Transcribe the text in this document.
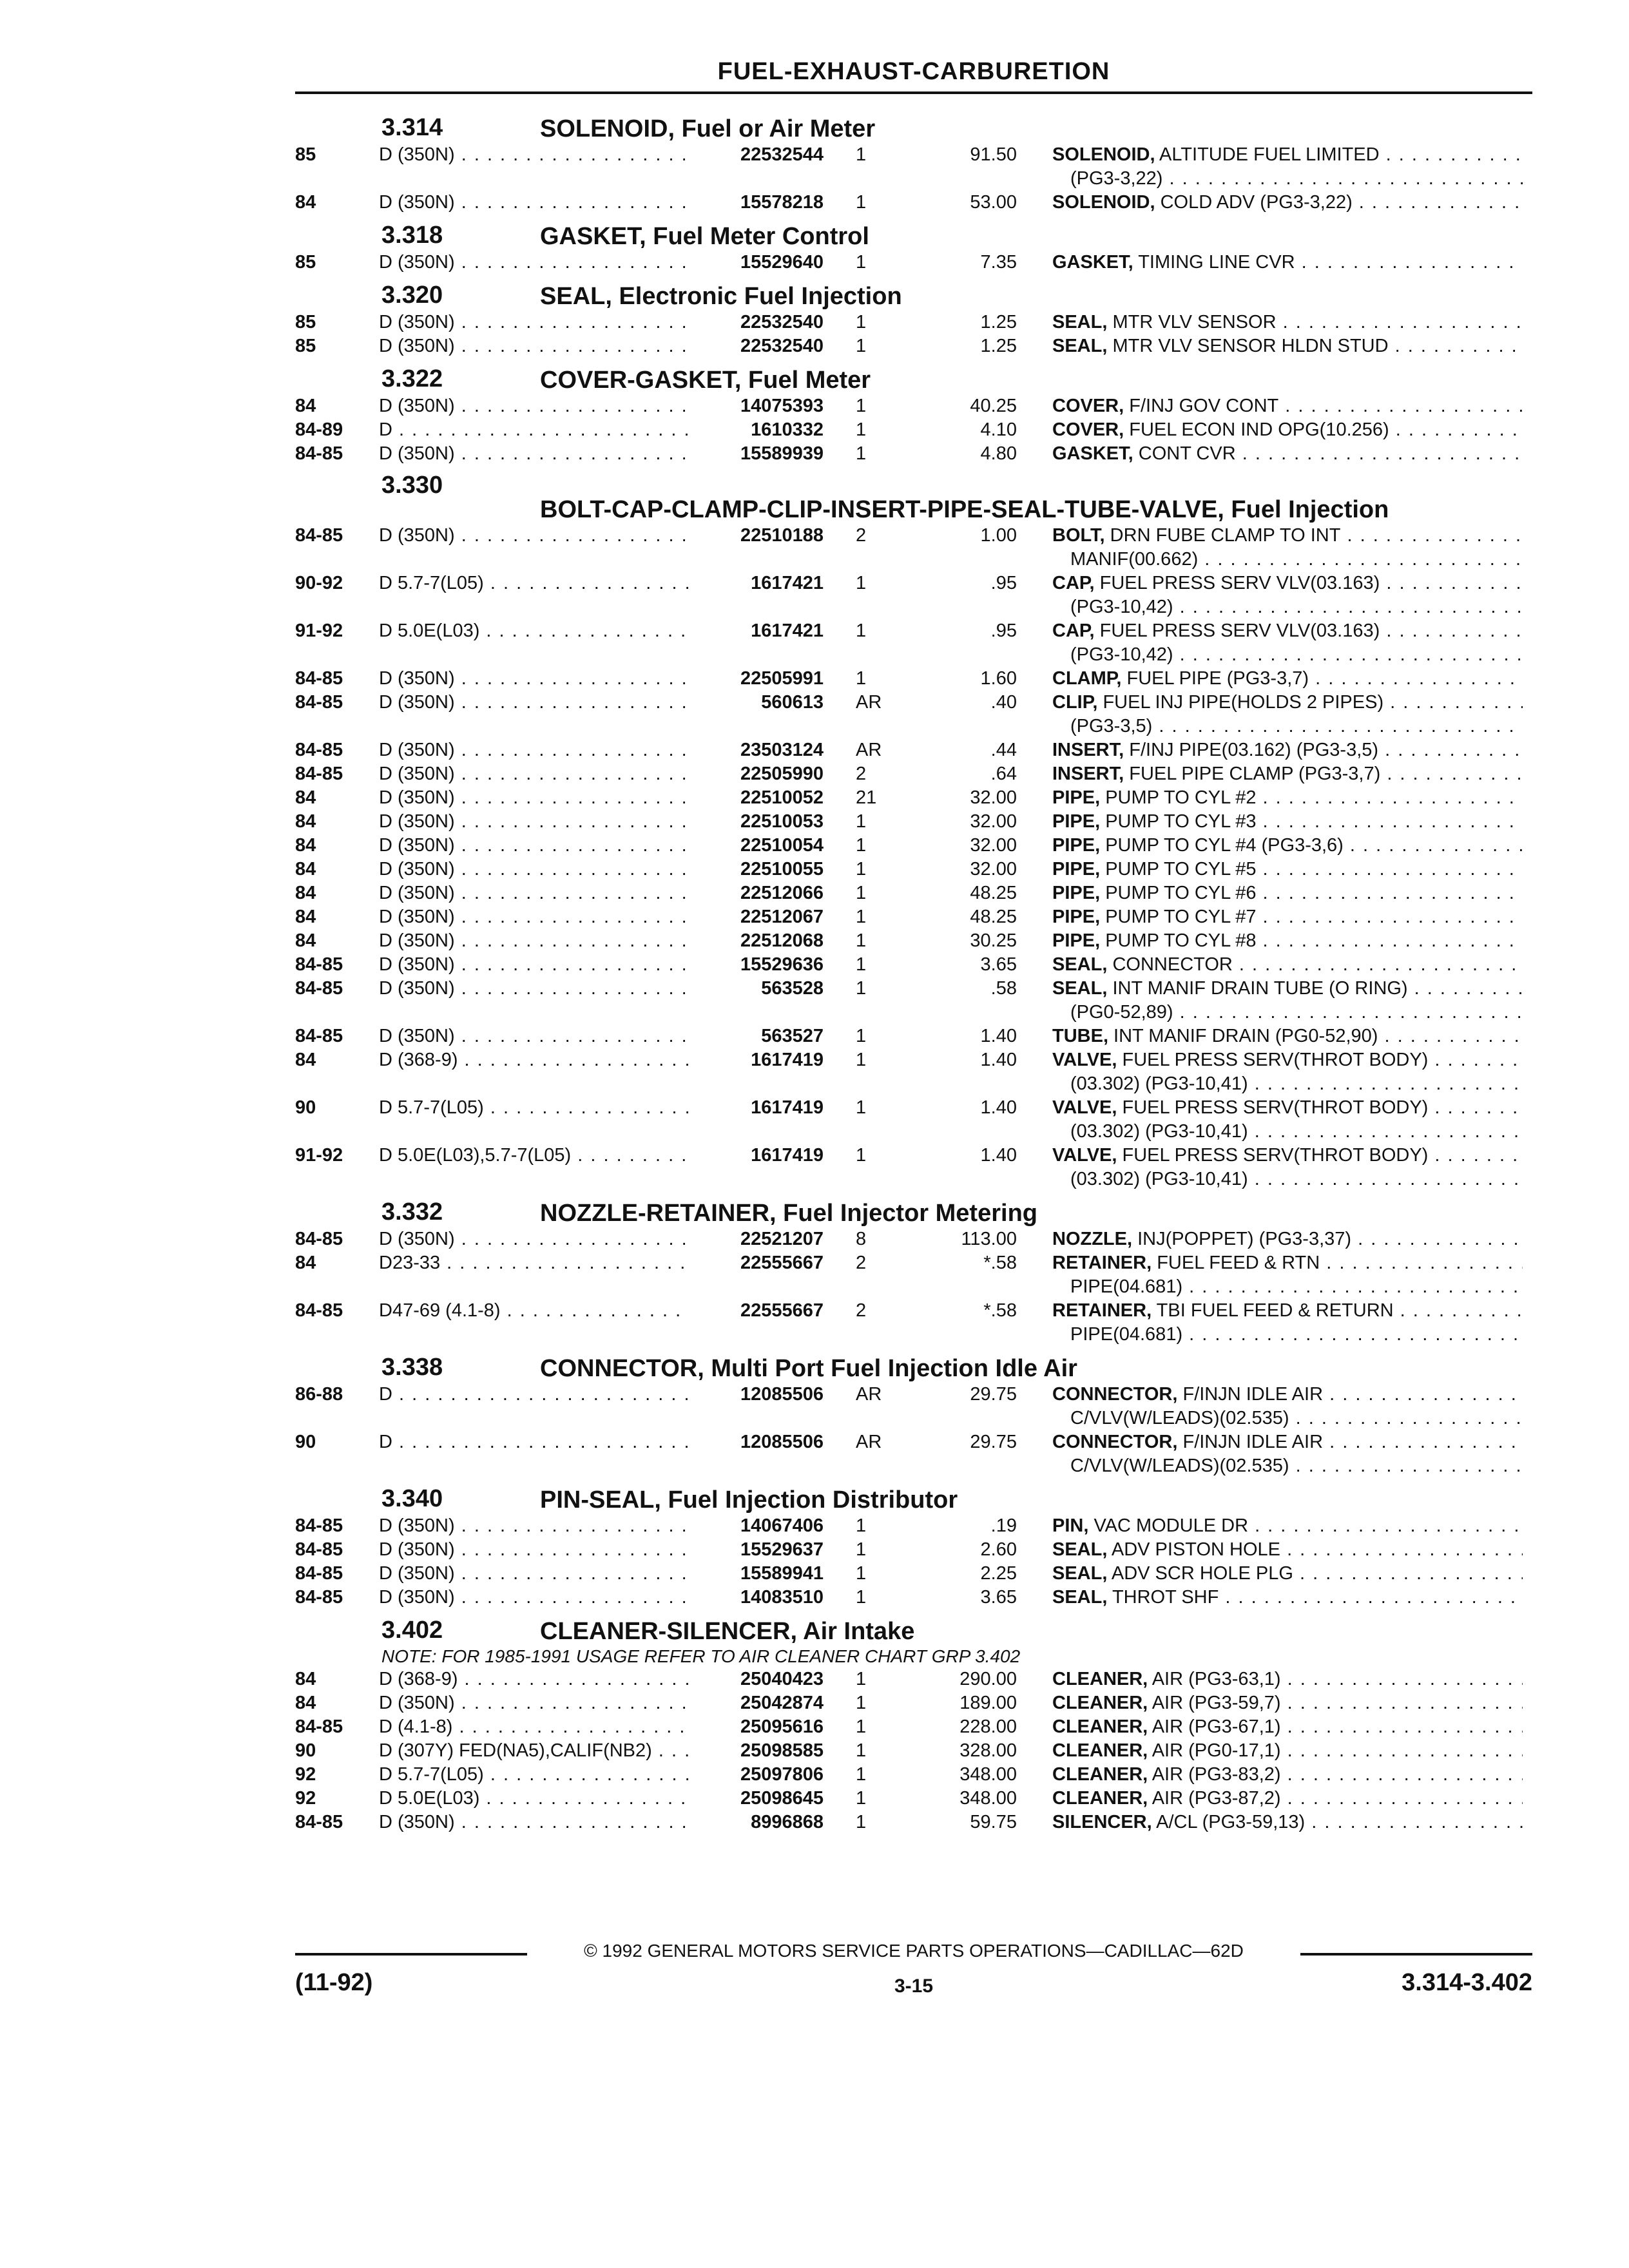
FUEL-EXHAUST-CARBURETION
3.314	SOLENOID, Fuel or Air Meter
85	D (350N) . . .	22532544 1	91.50 SOLENOID, ALTITUDE FUEL LIMITED . . .
(PG3-3,22) . . .
84	D (350N) . . .	15578218 1	53.00 SOLENOID, COLD ADV (PG3-3,22) . . .
3.318	GASKET, Fuel Meter Control
85	D (350N) . . .	15529640 1	7.35 GASKET, TIMING LINE CVR . . .
3.320	SEAL, Electronic Fuel Injection
85	D (350N) . . .	22532540 1	1.25 SEAL, MTR VLV SENSOR . . .
85	D (350N) . . .	22532540 1	1.25 SEAL, MTR VLV SENSOR HLDN STUD . . .
3.322	COVER-GASKET, Fuel Meter
84	D (350N) . . .	14075393 1	40.25 COVER, F/INJ GOV CONT . . .
84-89	D . . .	1610332 1	4.10 COVER, FUEL ECON IND OPG(10.256) . . .
84-85	D (350N) . . .	15589939 1	4.80 GASKET, CONT CVR . . .
3.330
BOLT-CAP-CLAMP-CLIP-INSERT-PIPE-SEAL-TUBE-VALVE, Fuel Injection
84-85	D (350N) . . .	22510188 2	1.00 BOLT, DRN FUBE CLAMP TO INT . . .
MANIF(00.662) . . .
90-92	D 5.7-7(L05) . . .	1617421 1	.95 CAP, FUEL PRESS SERV VLV(03.163) . . .
(PG3-10,42) . . .
91-92	D 5.0E(L03) . . .	1617421 1	.95 CAP, FUEL PRESS SERV VLV(03.163) . . .
(PG3-10,42) . . .
84-85	D (350N) . . .	22505991 1	1.60 CLAMP, FUEL PIPE (PG3-3,7) . . .
84-85	D (350N) . . .	560613 AR	.40 CLIP, FUEL INJ PIPE(HOLDS 2 PIPES) . . .
(PG3-3,5) . . .
84-85	D (350N) . . .	23503124 AR	.44 INSERT, F/INJ PIPE(03.162) (PG3-3,5) . . .
84-85	D (350N) . . .	22505990 2	.64 INSERT, FUEL PIPE CLAMP (PG3-3,7) . . .
84	D (350N) . . .	22510052 21	32.00 PIPE, PUMP TO CYL #2 . . .
84	D (350N) . . .	22510053 1	32.00 PIPE, PUMP TO CYL #3 . . .
84	D (350N) . . .	22510054 1	32.00 PIPE, PUMP TO CYL #4 (PG3-3,6) . . .
84	D (350N) . . .	22510055 1	32.00 PIPE, PUMP TO CYL #5 . . .
84	D (350N) . . .	22512066 1	48.25 PIPE, PUMP TO CYL #6 . . .
84	D (350N) . . .	22512067 1	48.25 PIPE, PUMP TO CYL #7 . . .
84	D (350N) . . .	22512068 1	30.25 PIPE, PUMP TO CYL #8 . . .
84-85	D (350N) . . .	15529636 1	3.65 SEAL, CONNECTOR . . .
84-85	D (350N) . . .	563528 1	.58 SEAL, INT MANIF DRAIN TUBE (O RING) . . .
(PG0-52,89) . . .
84-85	D (350N) . . .	563527 1	1.40 TUBE, INT MANIF DRAIN (PG0-52,90) . . .
84	D (368-9) . . .	1617419 1	1.40 VALVE, FUEL PRESS SERV(THROT BODY) . . .
(03.302) (PG3-10,41) . . .
90	D 5.7-7(L05) . . .	1617419 1	1.40 VALVE, FUEL PRESS SERV(THROT BODY) . . .
(03.302) (PG3-10,41) . . .
91-92	D 5.0E(L03),5.7-7(L05) . . .	1617419 1	1.40 VALVE, FUEL PRESS SERV(THROT BODY) . . .
(03.302) (PG3-10,41) . . .
3.332	NOZZLE-RETAINER, Fuel Injector Metering
84-85	D (350N) . . .	22521207 8	113.00 NOZZLE, INJ(POPPET) (PG3-3,37) . . .
84	D23-33 . . .	22555667 2	*.58 RETAINER, FUEL FEED & RTN . . .
PIPE(04.681) . . .
84-85	D47-69 (4.1-8) . . .	22555667 2	*.58 RETAINER, TBI FUEL FEED & RETURN . . .
PIPE(04.681) . . .
3.338	CONNECTOR, Multi Port Fuel Injection Idle Air
86-88	D . . .	12085506 AR	29.75 CONNECTOR, F/INJN IDLE AIR . . .
C/VLV(W/LEADS)(02.535) . . .
90	D . . .	12085506 AR	29.75 CONNECTOR, F/INJN IDLE AIR . . .
C/VLV(W/LEADS)(02.535) . . .
3.340	PIN-SEAL, Fuel Injection Distributor
84-85	D (350N) . . .	14067406 1	.19 PIN, VAC MODULE DR . . .
84-85	D (350N) . . .	15529637 1	2.60 SEAL, ADV PISTON HOLE . . .
84-85	D (350N) . . .	15589941 1	2.25 SEAL, ADV SCR HOLE PLG . . .
84-85	D (350N) . . .	14083510 1	3.65 SEAL, THROT SHF . . .
3.402	CLEANER-SILENCER, Air Intake
NOTE: FOR 1985-1991 USAGE REFER TO AIR CLEANER CHART GRP 3.402
84	D (368-9) . . .	25040423 1	290.00 CLEANER, AIR (PG3-63,1) . . .
84	D (350N) . . .	25042874 1	189.00 CLEANER, AIR (PG3-59,7) . . .
84-85	D (4.1-8) . . .	25095616 1	228.00 CLEANER, AIR (PG3-67,1) . . .
90	D (307Y) FED(NA5),CALIF(NB2) . . .	25098585 1	328.00 CLEANER, AIR (PG0-17,1) . . .
92	D 5.7-7(L05) . . .	25097806 1	348.00 CLEANER, AIR (PG3-83,2) . . .
92	D 5.0E(L03) . . .	25098645 1	348.00 CLEANER, AIR (PG3-87,2) . . .
84-85	D (350N) . . .	8996868 1	59.75 SILENCER, A/CL (PG3-59,13) . . .
© 1992 GENERAL MOTORS SERVICE PARTS OPERATIONS—CADILLAC—62D
(11-92)	3-15	3.314-3.402
